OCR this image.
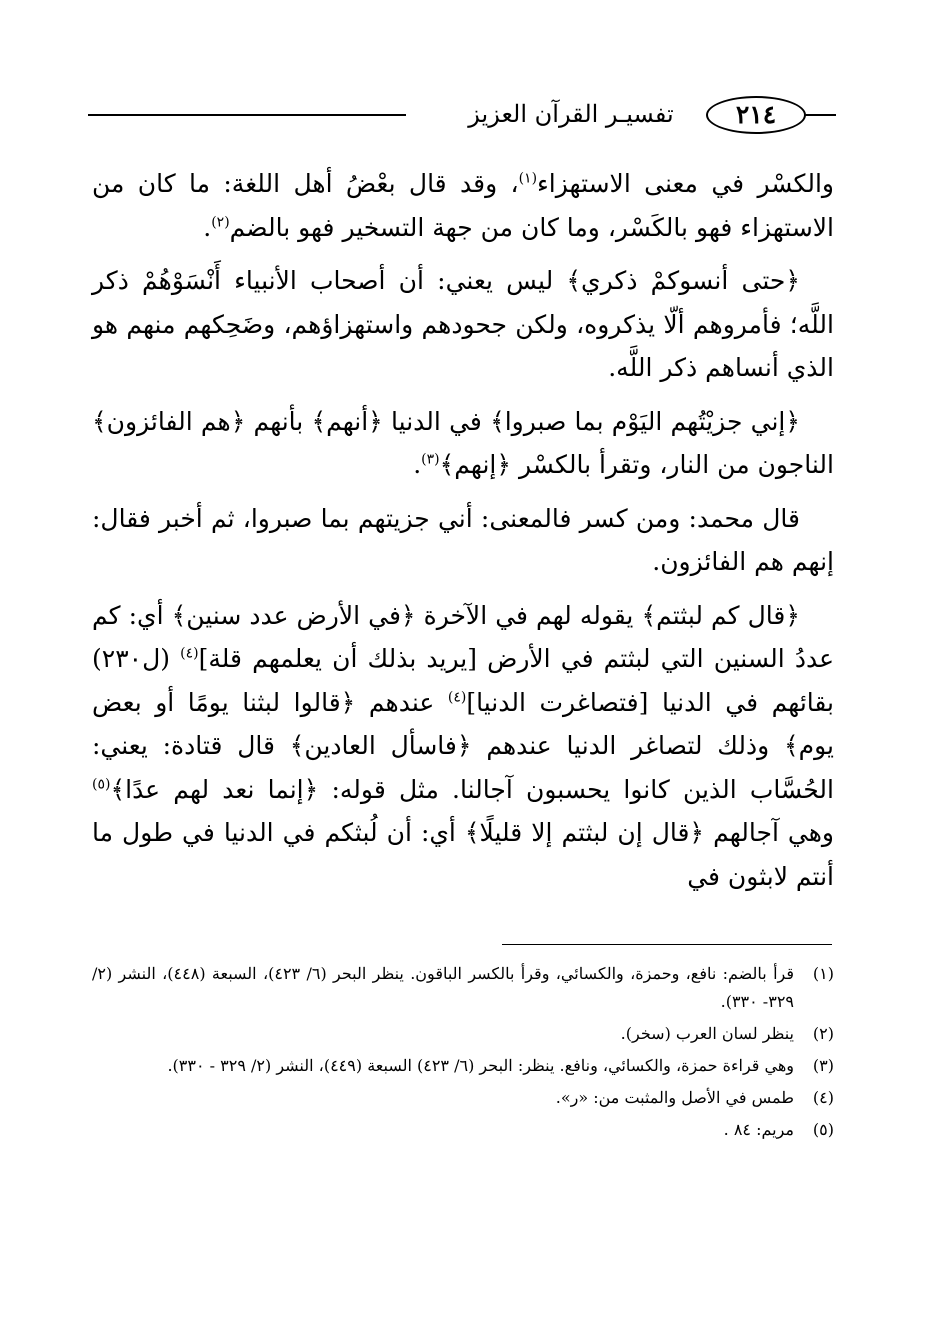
تفسيـر القرآن العزيز	٢١٤

والكسْر في معنى الاستهزاء$^{(١)}$، وقد قال بعْضُ أهل اللغة: ما كان من الاستهزاء فهو بالكَسْر، وما كان من جهة التسخير فهو بالضم$^{(٢)}$.

﴿حتى أنسوكمْ ذكري﴾ ليس يعني: أن أصحاب الأنبياء أَنْسَوْهُمْ ذكر اللَّه؛ فأمروهم ألّا يذكروه، ولكن جحودهم واستهزاؤهم، وضَحِكهم منهم هو الذي أنساهم ذكر اللَّه.

﴿إني جزيْتُهم اليَوْم بما صبروا﴾ في الدنيا ﴿أنهم﴾ بأنهم ﴿هم الفائزون﴾ الناجون من النار، وتقرأ بالكسْر ﴿إنهم﴾$^{(٣)}$.

قال محمد: ومن كسر فالمعنى: أني جزيتهم بما صبروا، ثم أخبر فقال: إنهم هم الفائزون.

﴿قال كم لبثتم﴾ يقوله لهم في الآخرة ﴿في الأرض عدد سنين﴾ أي: كم عددُ السنين التي لبثتم في الأرض [يريد بذلك أن يعلمهم قلة]$^{(٤)}$ (ل٢٣٠) بقائهم في الدنيا [فتصاغرت الدنيا]$^{(٤)}$ عندهم ﴿قالوا لبثنا يومًا أو بعض يوم﴾ وذلك لتصاغر الدنيا عندهم ﴿فاسأل العادين﴾ قال قتادة: يعني: الحُسَّاب الذين كانوا يحسبون آجالنا. مثل قوله: ﴿إنما نعد لهم عدًا﴾$^{(٥)}$ وهي آجالهم ﴿قال إن لبثتم إلا قليلًا﴾ أي: أن لُبثكم في الدنيا في طول ما أنتم لابثون في

(١)
قرأ بالضم: نافع، وحمزة، والكسائي، وقرأ بالكسر الباقون. ينظر البحر (٦/ ٤٢٣)، السبعة (٤٤٨)، النشر (٢/ ٣٢٩- ٣٣٠).
(٢)
ينظر لسان العرب (سخر).
(٣)
وهي قراءة حمزة، والكسائي، ونافع. ينظر: البحر (٦/ ٤٢٣) السبعة (٤٤٩)، النشر (٢/ ٣٢٩ - ٣٣٠).
(٤)
طمس في الأصل والمثبت من: «ر».
(٥)
مريم: ٨٤ .
